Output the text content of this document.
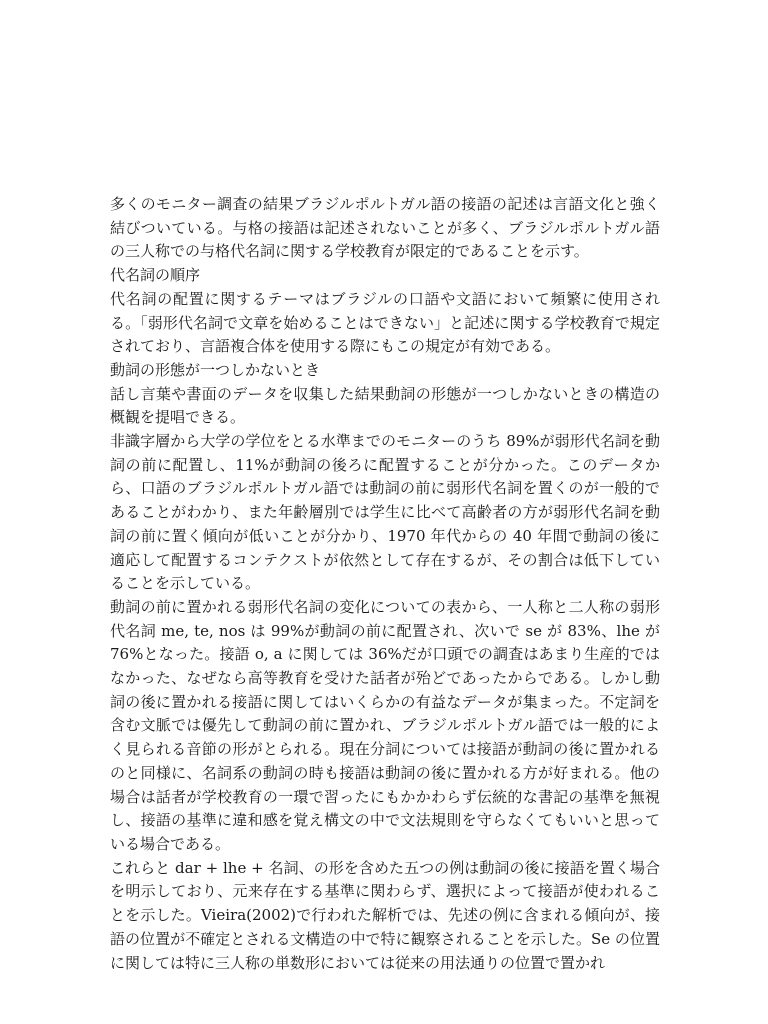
多くのモニター調査の結果ブラジルポルトガル語の接語の記述は言語文化と強く結びついている。与格の接語は記述されないことが多く、ブラジルポルトガル語の三人称での与格代名詞に関する学校教育が限定的であることを示す。

代名詞の順序

代名詞の配置に関するテーマはブラジルの口語や文語において頻繁に使用される。「弱形代名詞で文章を始めることはできない」と記述に関する学校教育で規定されており、言語複合体を使用する際にもこの規定が有効である。

動詞の形態が一つしかないとき

話し言葉や書面のデータを収集した結果動詞の形態が一つしかないときの構造の概観を提唱できる。

非識字層から大学の学位をとる水準までのモニターのうち 89%が弱形代名詞を動詞の前に配置し、11%が動詞の後ろに配置することが分かった。このデータから、口語のブラジルポルトガル語では動詞の前に弱形代名詞を置くのが一般的であることがわかり、また年齢層別では学生に比べて高齢者の方が弱形代名詞を動詞の前に置く傾向が低いことが分かり、1970 年代からの 40 年間で動詞の後に適応して配置するコンテクストが依然として存在するが、その割合は低下していることを示している。

動詞の前に置かれる弱形代名詞の変化についての表から、一人称と二人称の弱形代名詞 me, te, nos は 99%が動詞の前に配置され、次いで se が 83%、lhe が 76%となった。接語 o, a に関しては 36%だが口頭での調査はあまり生産的ではなかった、なぜなら高等教育を受けた話者が殆どであったからである。しかし動詞の後に置かれる接語に関してはいくらかの有益なデータが集まった。不定詞を含む文脈では優先して動詞の前に置かれ、ブラジルポルトガル語では一般的によく見られる音節の形がとられる。現在分詞については接語が動詞の後に置かれるのと同様に、名詞系の動詞の時も接語は動詞の後に置かれる方が好まれる。他の場合は話者が学校教育の一環で習ったにもかかわらず伝統的な書記の基準を無視し、接語の基準に違和感を覚え構文の中で文法規則を守らなくてもいいと思っている場合である。

これらと dar + lhe + 名詞、の形を含めた五つの例は動詞の後に接語を置く場合を明示しており、元来存在する基準に関わらず、選択によって接語が使われることを示した。Vieira(2002)で行われた解析では、先述の例に含まれる傾向が、接語の位置が不確定とされる文構造の中で特に観察されることを示した。Se の位置に関しては特に三人称の単数形においては従来の用法通りの位置で置かれ
